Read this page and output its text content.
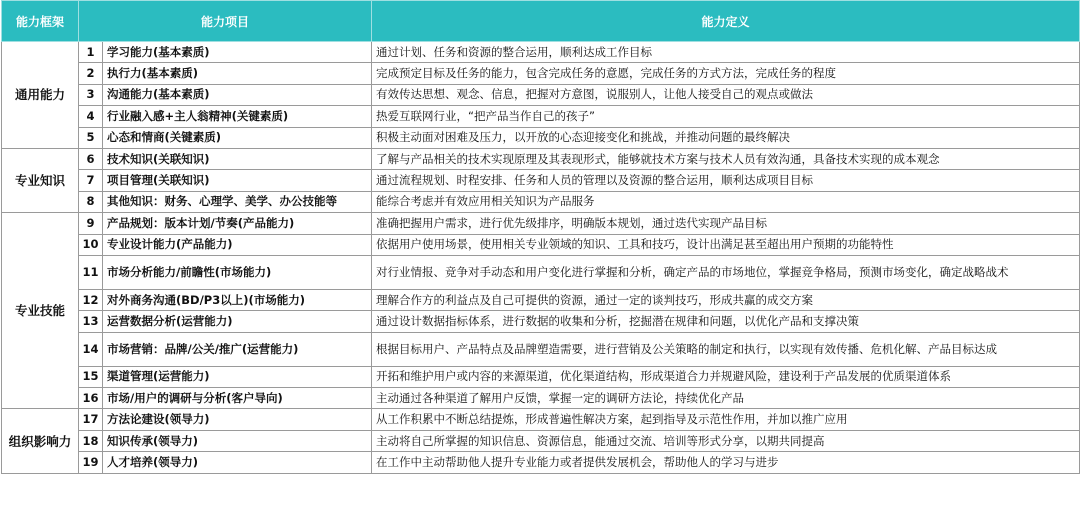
能力框架	能力项目		能力定义
通用能力	1	学习能力(基本素质)	通过计划、任务和资源的整合运用，顺利达成工作目标
	2	执行力(基本素质)	完成预定目标及任务的能力，包含完成任务的意愿，完成任务的方式方法，完成任务的程度
	3	沟通能力(基本素质)	有效传达思想、观念、信息，把握对方意图，说服别人，让他人接受自己的观点或做法
	4	行业融入感+主人翁精神(关键素质)	热爱互联网行业，“把产品当作自己的孩子”
	5	心态和情商(关键素质)	积极主动面对困难及压力，以开放的心态迎接变化和挑战，并推动问题的最终解决
专业知识	6	技术知识(关联知识)	了解与产品相关的技术实现原理及其表现形式，能够就技术方案与技术人员有效沟通，具备技术实现的成本观念
	7	项目管理(关联知识)	通过流程规划、时程安排、任务和人员的管理以及资源的整合运用，顺利达成项目目标
	8	其他知识：财务、心理学、美学、办公技能等	能综合考虑并有效应用相关知识为产品服务
专业技能	9	产品规划：版本计划/节奏(产品能力)	准确把握用户需求，进行优先级排序，明确版本规划，通过迭代实现产品目标
	10	专业设计能力(产品能力)	依据用户使用场景，使用相关专业领域的知识、工具和技巧，设计出满足甚至超出用户预期的功能特性
	11	市场分析能力/前瞻性(市场能力)	对行业情报、竞争对手动态和用户变化进行掌握和分析，确定产品的市场地位，掌握竞争格局，预测市场变化，确定战略战术
	12	对外商务沟通(BD/P3以上)(市场能力)	理解合作方的利益点及自己可提供的资源，通过一定的谈判技巧，形成共赢的成交方案
	13	运营数据分析(运营能力)	通过设计数据指标体系，进行数据的收集和分析，挖掘潜在规律和问题，以优化产品和支撑决策
	14	市场营销：品牌/公关/推广(运营能力)	根据目标用户、产品特点及品牌塑造需要，进行营销及公关策略的制定和执行，以实现有效传播、危机化解、产品目标达成
	15	渠道管理(运营能力)	开拓和维护用户或内容的来源渠道，优化渠道结构，形成渠道合力并规避风险，建设利于产品发展的优质渠道体系
	16	市场/用户的调研与分析(客户导向)	主动通过各种渠道了解用户反馈，掌握一定的调研方法论，持续优化产品
组织影响力	17	方法论建设(领导力)	从工作积累中不断总结提炼，形成普遍性解决方案，起到指导及示范性作用，并加以推广应用
	18	知识传承(领导力)	主动将自己所掌握的知识信息、资源信息，能通过交流、培训等形式分享，以期共同提高
	19	人才培养(领导力)	在工作中主动帮助他人提升专业能力或者提供发展机会，帮助他人的学习与进步
